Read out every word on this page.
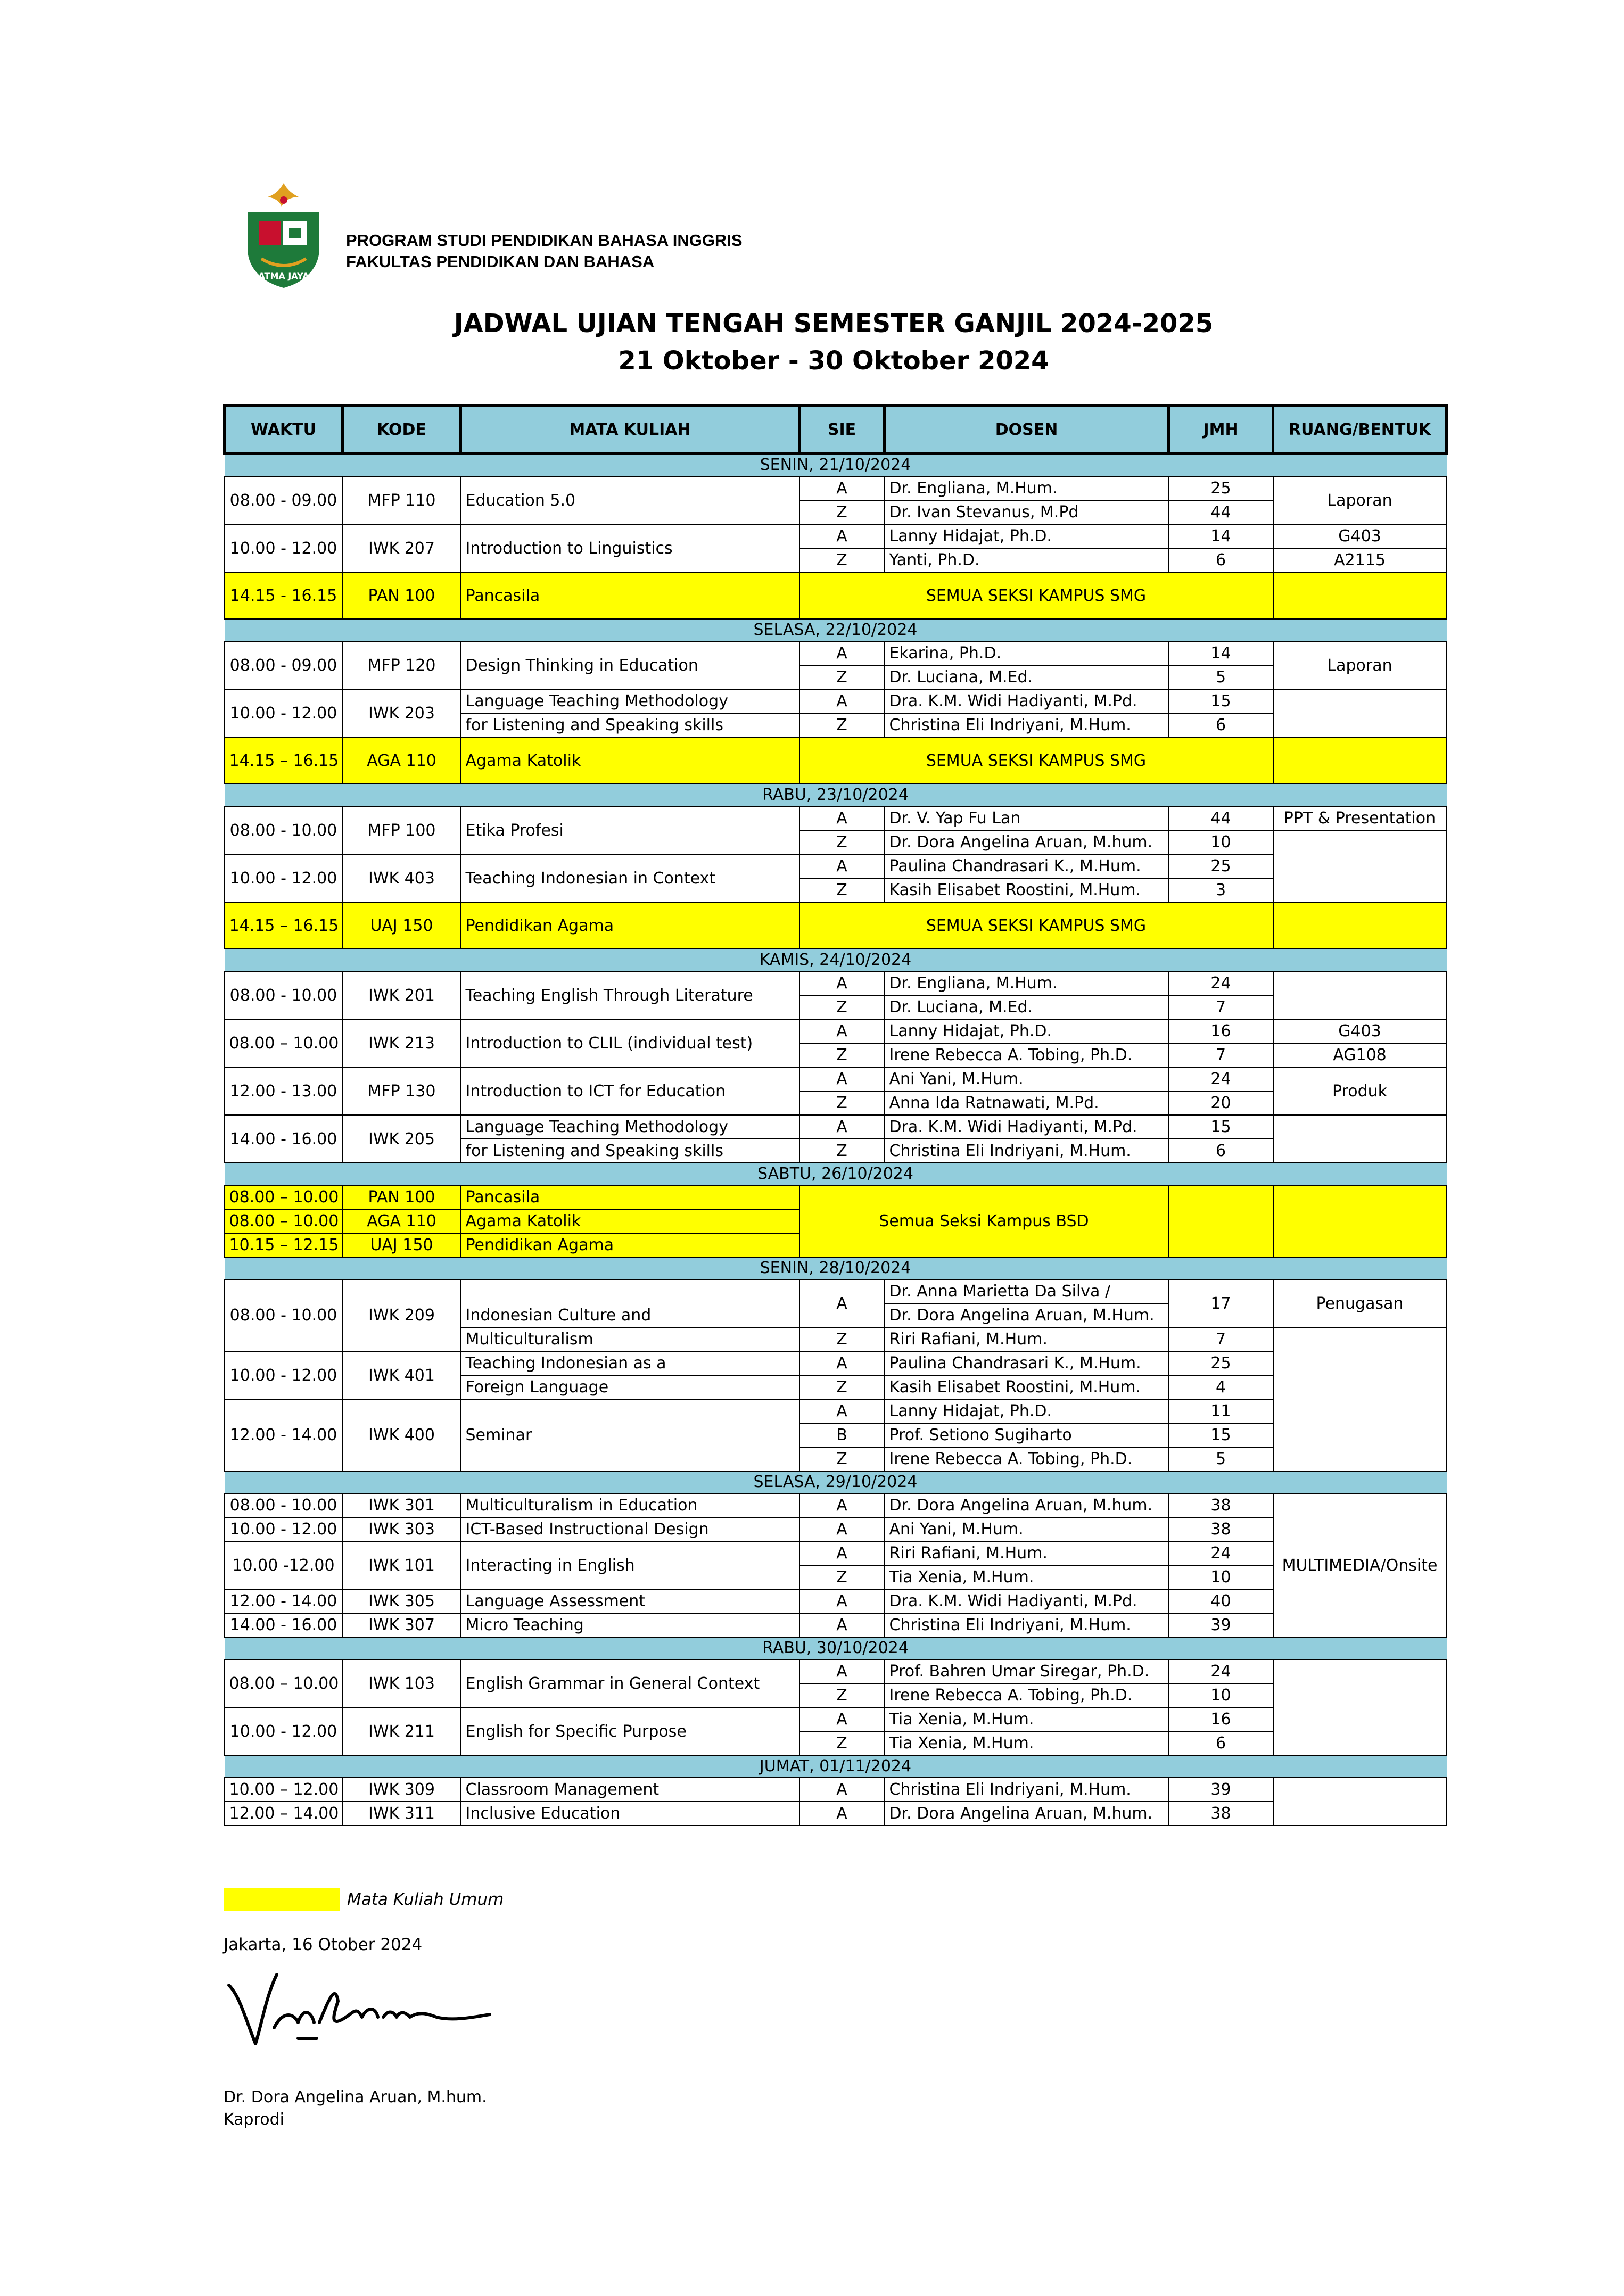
ATMA JAYA
PROGRAM STUDI PENDIDIKAN BAHASA INGGRIS
FAKULTAS PENDIDIKAN DAN BAHASA
JADWAL UJIAN TENGAH SEMESTER GANJIL 2024-2025
21 Oktober - 30 Oktober 2024
WAKTU	KODE	MATA KULIAH	SIE	DOSEN	JMH	RUANG/BENTUK
SENIN, 21/10/2024						
08.00 - 09.00	MFP 110	Education 5.0	A	Dr. Engliana, M.Hum.	25	Laporan
			Z	Dr. Ivan Stevanus, M.Pd	44	
10.00 - 12.00	IWK 207	Introduction to Linguistics	A	Lanny Hidajat, Ph.D.	14	G403
			Z	Yanti, Ph.D.	6	A2115
14.15 - 16.15	PAN 100	Pancasila	SEMUA SEKSI KAMPUS SMG			
SELASA, 22/10/2024						
08.00 - 09.00	MFP 120	Design Thinking in Education	A	Ekarina, Ph.D.	14	Laporan
			Z	Dr. Luciana, M.Ed.	5	
10.00 - 12.00	IWK 203	Language Teaching Methodology	A	Dra. K.M. Widi Hadiyanti, M.Pd.	15	
		for Listening and Speaking skills	Z	Christina Eli Indriyani, M.Hum.	6	
14.15 – 16.15	AGA 110	Agama Katolik	SEMUA SEKSI KAMPUS SMG			
RABU, 23/10/2024						
08.00 - 10.00	MFP 100	Etika Profesi	A	Dr. V. Yap Fu Lan	44	PPT & Presentation
			Z	Dr. Dora Angelina Aruan, M.hum.	10	
10.00 - 12.00	IWK 403	Teaching Indonesian in Context	A	Paulina Chandrasari K., M.Hum.	25	
			Z	Kasih Elisabet Roostini, M.Hum.	3	
14.15 – 16.15	UAJ 150	Pendidikan Agama	SEMUA SEKSI KAMPUS SMG			
KAMIS, 24/10/2024						
08.00 - 10.00	IWK 201	Teaching English Through Literature	A	Dr. Engliana, M.Hum.	24	
			Z	Dr. Luciana, M.Ed.	7	
08.00 – 10.00	IWK 213	Introduction to CLIL (individual test)	A	Lanny Hidajat, Ph.D.	16	G403
			Z	Irene Rebecca A. Tobing, Ph.D.	7	AG108
12.00 - 13.00	MFP 130	Introduction to ICT for Education	A	Ani Yani, M.Hum.	24	Produk
			Z	Anna Ida Ratnawati, M.Pd.	20	
14.00 - 16.00	IWK 205	Language Teaching Methodology	A	Dra. K.M. Widi Hadiyanti, M.Pd.	15	
		for Listening and Speaking skills	Z	Christina Eli Indriyani, M.Hum.	6	
SABTU, 26/10/2024						
08.00 – 10.00	PAN 100	Pancasila	Semua Seksi Kampus BSD			
08.00 – 10.00	AGA 110	Agama Katolik				
10.15 – 12.15	UAJ 150	Pendidikan Agama				
SENIN, 28/10/2024						
08.00 - 10.00	IWK 209	Indonesian Culture and	A	Dr. Anna Marietta Da Silva /	17	Penugasan
				Dr. Dora Angelina Aruan, M.Hum.		
		Multiculturalism	Z	Riri Rafiani, M.Hum.	7	
10.00 - 12.00	IWK 401	Teaching Indonesian as a	A	Paulina Chandrasari K., M.Hum.	25	
		Foreign Language	Z	Kasih Elisabet Roostini, M.Hum.	4	
12.00 - 14.00	IWK 400	Seminar	A	Lanny Hidajat, Ph.D.	11	
			B	Prof. Setiono Sugiharto	15	
			Z	Irene Rebecca A. Tobing, Ph.D.	5	
SELASA, 29/10/2024						
08.00 - 10.00	IWK 301	Multiculturalism in Education	A	Dr. Dora Angelina Aruan, M.hum.	38	MULTIMEDIA/Onsite
10.00 - 12.00	IWK 303	ICT-Based Instructional Design	A	Ani Yani, M.Hum.	38	
10.00 -12.00	IWK 101	Interacting in English	A	Riri Rafiani, M.Hum.	24	
			Z	Tia Xenia, M.Hum.	10	
12.00 - 14.00	IWK 305	Language Assessment	A	Dra. K.M. Widi Hadiyanti, M.Pd.	40	
14.00 - 16.00	IWK 307	Micro Teaching	A	Christina Eli Indriyani, M.Hum.	39	
RABU, 30/10/2024						
08.00 – 10.00	IWK 103	English Grammar in General Context	A	Prof. Bahren Umar Siregar, Ph.D.	24	
			Z	Irene Rebecca A. Tobing, Ph.D.	10	
10.00 - 12.00	IWK 211	English for Specific Purpose	A	Tia Xenia, M.Hum.	16	
			Z	Tia Xenia, M.Hum.	6	
JUMAT, 01/11/2024						
10.00 – 12.00	IWK 309	Classroom Management	A	Christina Eli Indriyani, M.Hum.	39	
12.00 – 14.00	IWK 311	Inclusive Education	A	Dr. Dora Angelina Aruan, M.hum.	38	
Mata Kuliah Umum
Jakarta, 16 Otober 2024
Dr. Dora Angelina Aruan, M.hum.
Kaprodi
